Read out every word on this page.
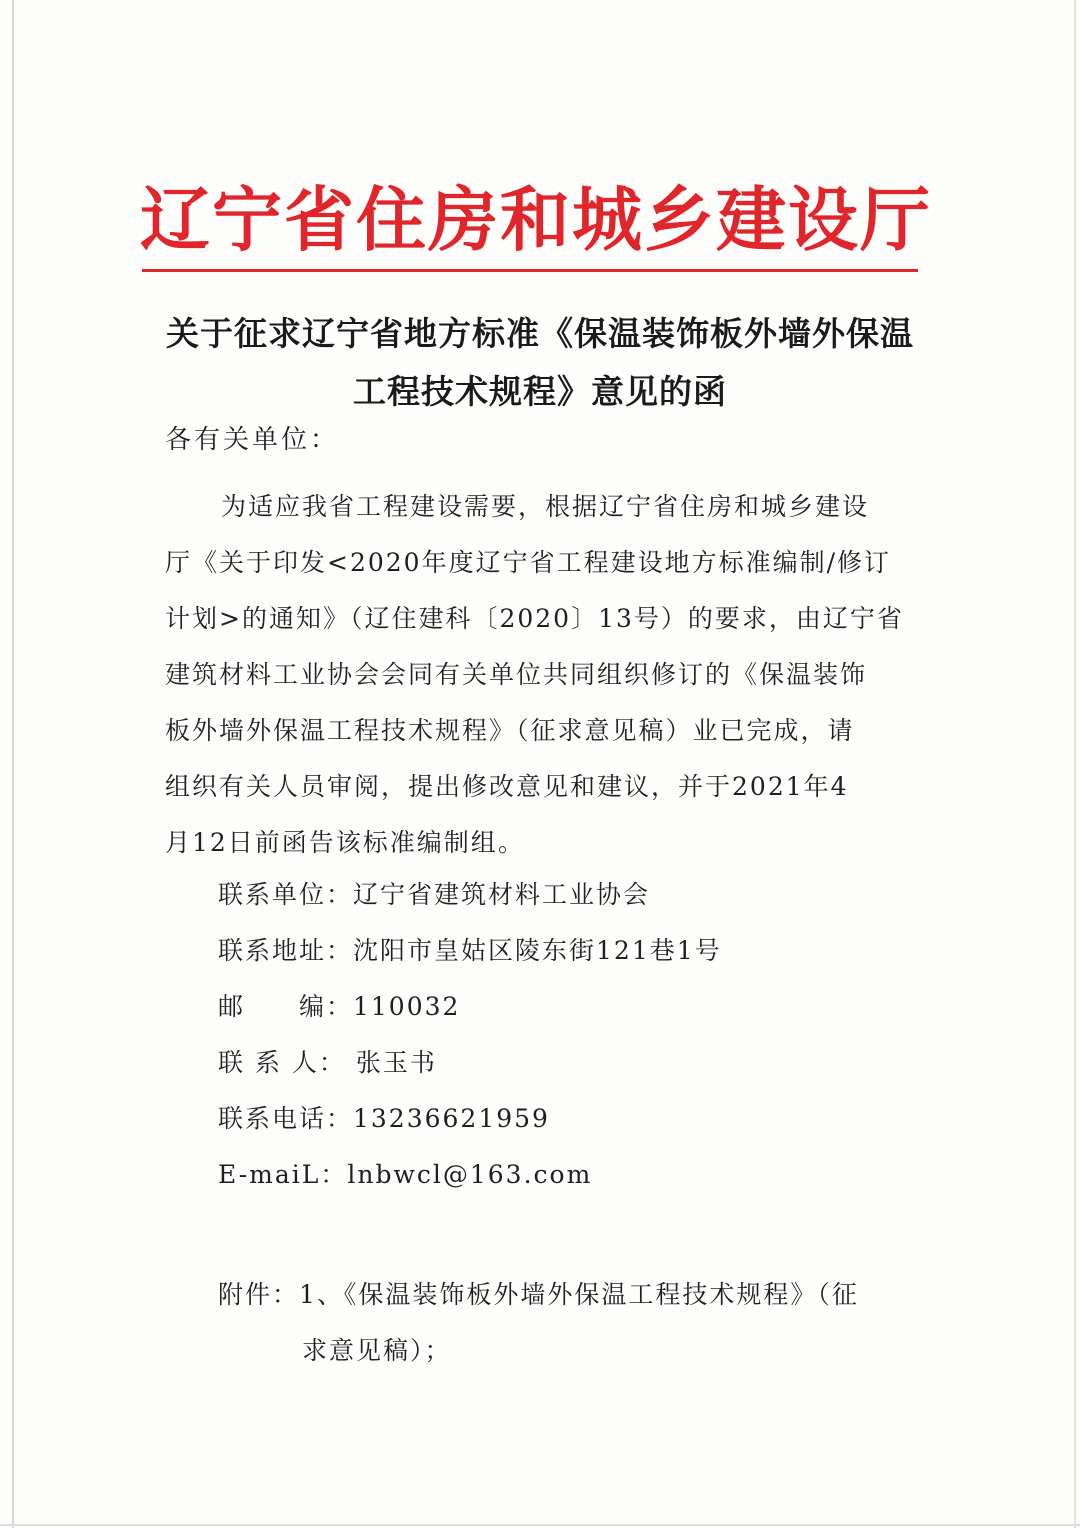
辽宁省住房和城乡建设厅
关于征求辽宁省地方标准《保温装饰板外墙外保温
工程技术规程》意见的函
各有关单位：
为适应我省工程建设需要，根据辽宁省住房和城乡建设
厅《关于印发<2020年度辽宁省工程建设地方标准编制/修订
计划>的通知》（辽住建科〔2020〕13号）的要求，由辽宁省
建筑材料工业协会会同有关单位共同组织修订的《保温装饰
板外墙外保温工程技术规程》（征求意见稿）业已完成，请
组织有关人员审阅，提出修改意见和建议，并于2021年4
月12日前函告该标准编制组。
联系单位：辽宁省建筑材料工业协会
联系地址：沈阳市皇姑区陵东街121巷1号
邮　　编：110032
联 系 人： 张玉书
联系电话：13236621959
E-maiL：lnbwcl@163.com
附件：1、《保温装饰板外墙外保温工程技术规程》（征
求意见稿）；
